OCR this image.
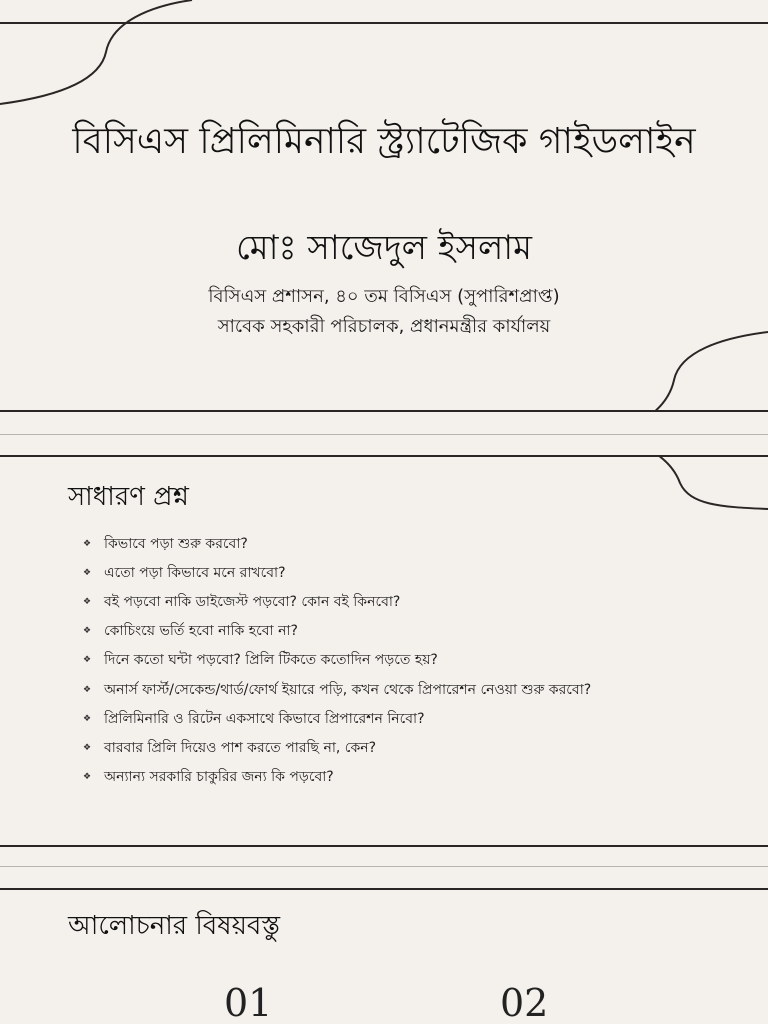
বিসিএস প্রিলিমিনারি স্ট্র্যাটেজিক গাইডলাইন
মোঃ সাজেদুল ইসলাম
বিসিএস প্রশাসন, ৪০ তম বিসিএস (সুপারিশপ্রাপ্ত)
সাবেক সহকারী পরিচালক, প্রধানমন্ত্রীর কার্যালয়
সাধারণ প্রশ্ন
❖ কিভাবে পড়া শুরু করবো?
❖ এতো পড়া কিভাবে মনে রাখবো?
❖ বই পড়বো নাকি ডাইজেস্ট পড়বো? কোন বই কিনবো?
❖ কোচিংয়ে ভর্তি হবো নাকি হবো না?
❖ দিনে কতো ঘন্টা পড়বো? প্রিলি টিকতে কতোদিন পড়তে হয়?
❖ অনার্স ফার্স্ট/সেকেন্ড/থার্ড/ফোর্থ ইয়ারে পড়ি, কখন থেকে প্রিপারেশন নেওয়া শুরু করবো?
❖ প্রিলিমিনারি ও রিটেন একসাথে কিভাবে প্রিপারেশন নিবো?
❖ বারবার প্রিলি দিয়েও পাশ করতে পারছি না, কেন?
❖ অন্যান্য সরকারি চাকুরির জন্য কি পড়বো?
আলোচনার বিষয়বস্তু
01	02
